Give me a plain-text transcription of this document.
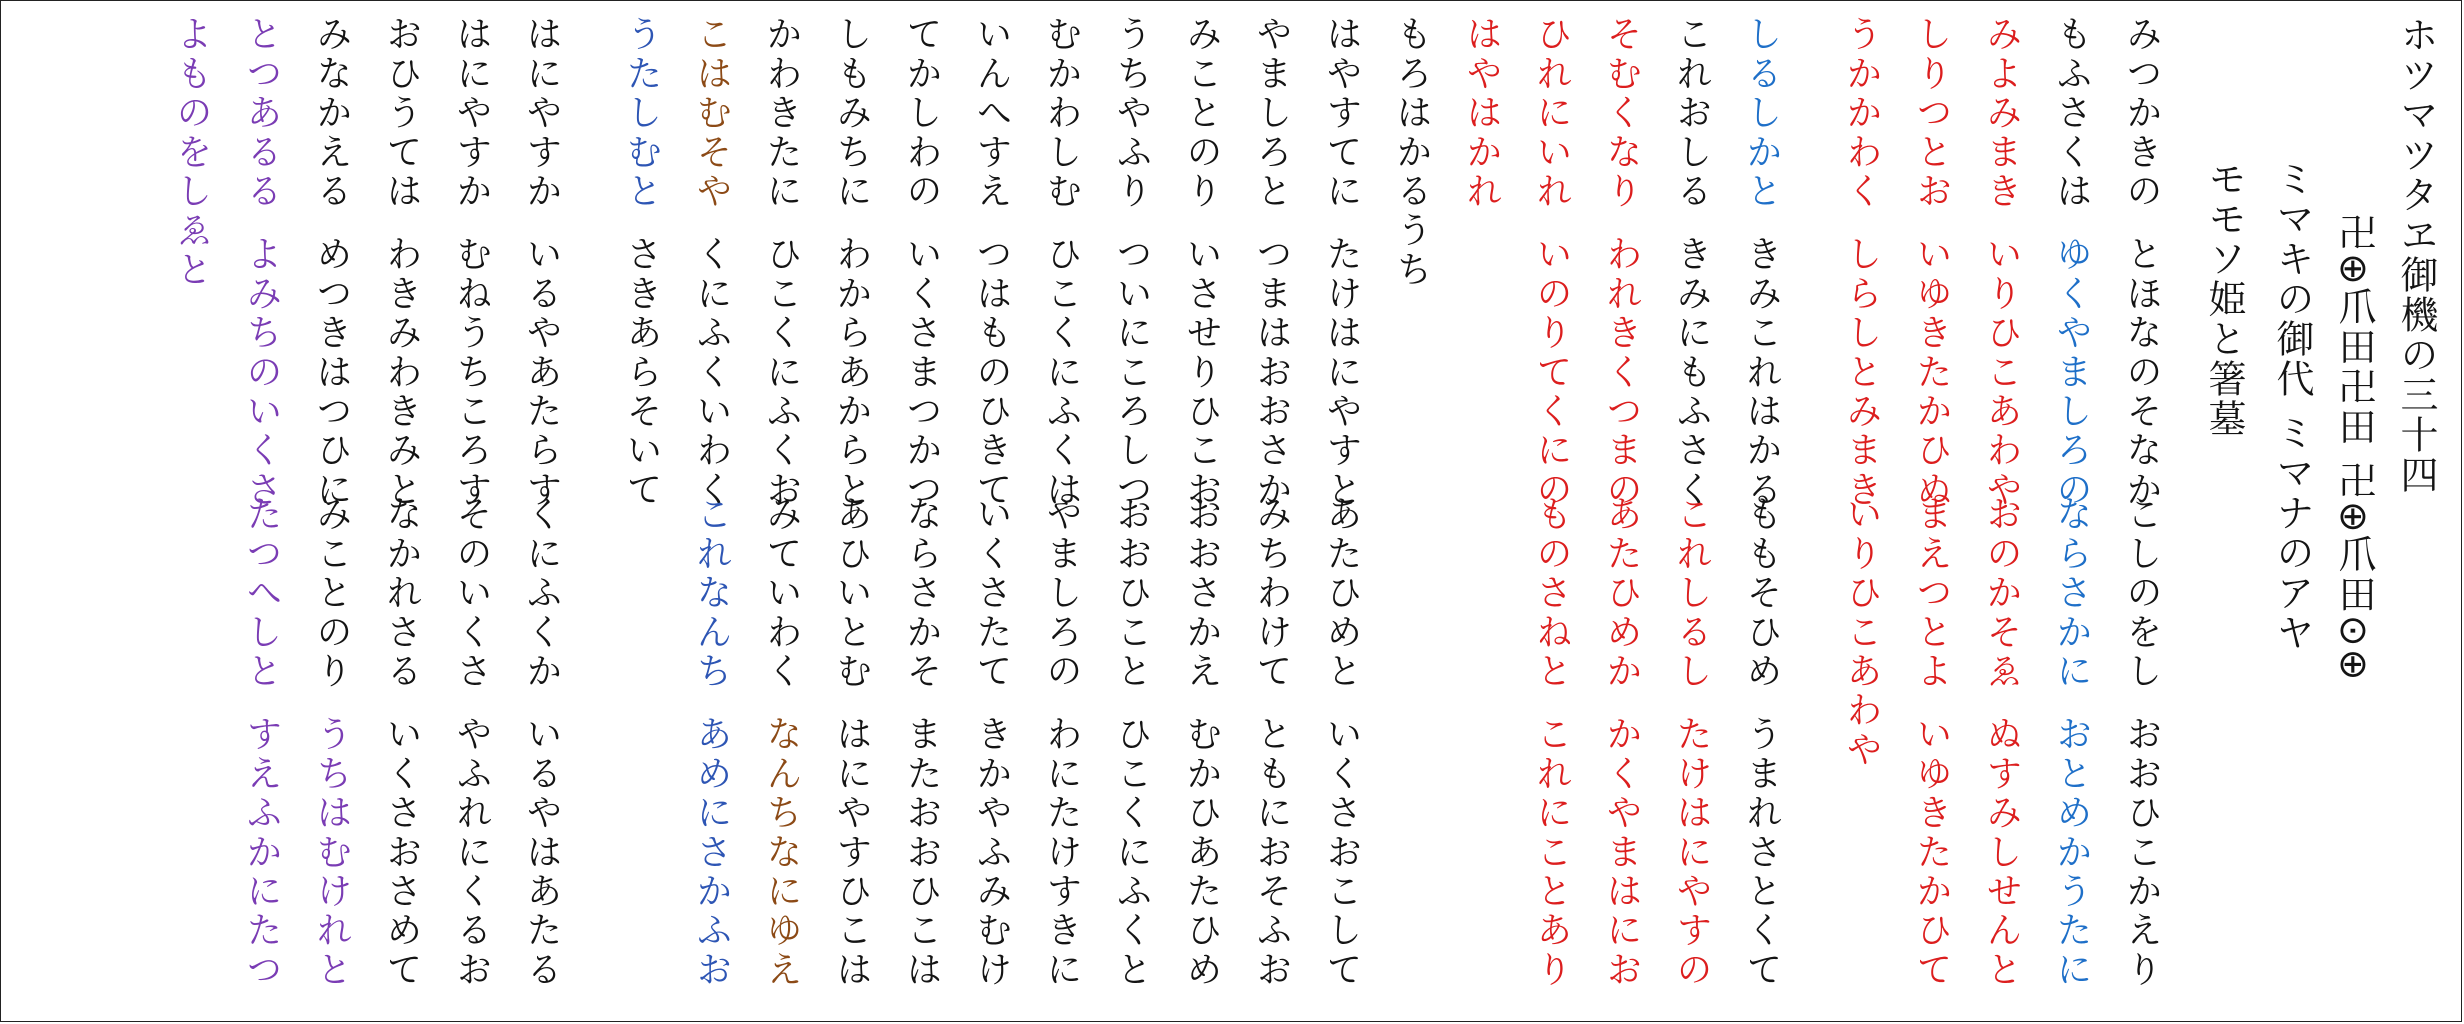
ホツマツタヱ御機の三十四
卍⊕爪田卍田 卍⊕爪田⊙⊕
ミマキの御代 ミマナのアヤ
モモソ姫と箸墓
みつかきのとほなのそなかこしのをしおおひこかえり
もふさくはゆくやましろのならさかにおとめかうたに
みよみまきいりひこあわやおのかそゑぬすみしせんと
しりつとおいゆきたかひぬまえつとよいゆきたかひて
うかかわくしらしとみまきいりひこあわや
しるしかときみこれはかるももそひめうまれさとくて
これおしるきみにもふさくこれしるしたけはにやすの
そむくなりわれきくつまのあたひめかかくやまはにお
ひれにいれいのりてくにのものさねとこれにことあり
はやはかれ
もろはかるうち
はやすてにたけはにやすとあたひめといくさおこして
やましろとつまはおおさかみちわけてともにおそふお
みことのりいさせりひこおおおさかえむかひあたひめ
うちやふりついにころしつおおひことひこくにふくと
むかわしむひこくにふくはやましろのわにたけすきに
いんへすえつはものひきていくさたてきかやふみむけ
てかしわのいくさまつかつならさかそまたおおひこは
しもみちにわからあからとあひいとむはにやすひこは
かわきたにひこくにふくおみていわくなんちなにゆえ
こはむそやくにふくいわくこれなんちあめにさかふお
うたしむとさきあらそいて
はにやすかいるやあたらすくにふくかいるやはあたる
はにやすかむねうちころすそのいくさやふれにくるお
おひうてはわきみわきみとなかれさるいくさおさめて
みなかえるめつきはつひにみことのりうちはむけれと
とつあるるよみちのいくさたつへしとすえふかにたつ
よものをしゑと
